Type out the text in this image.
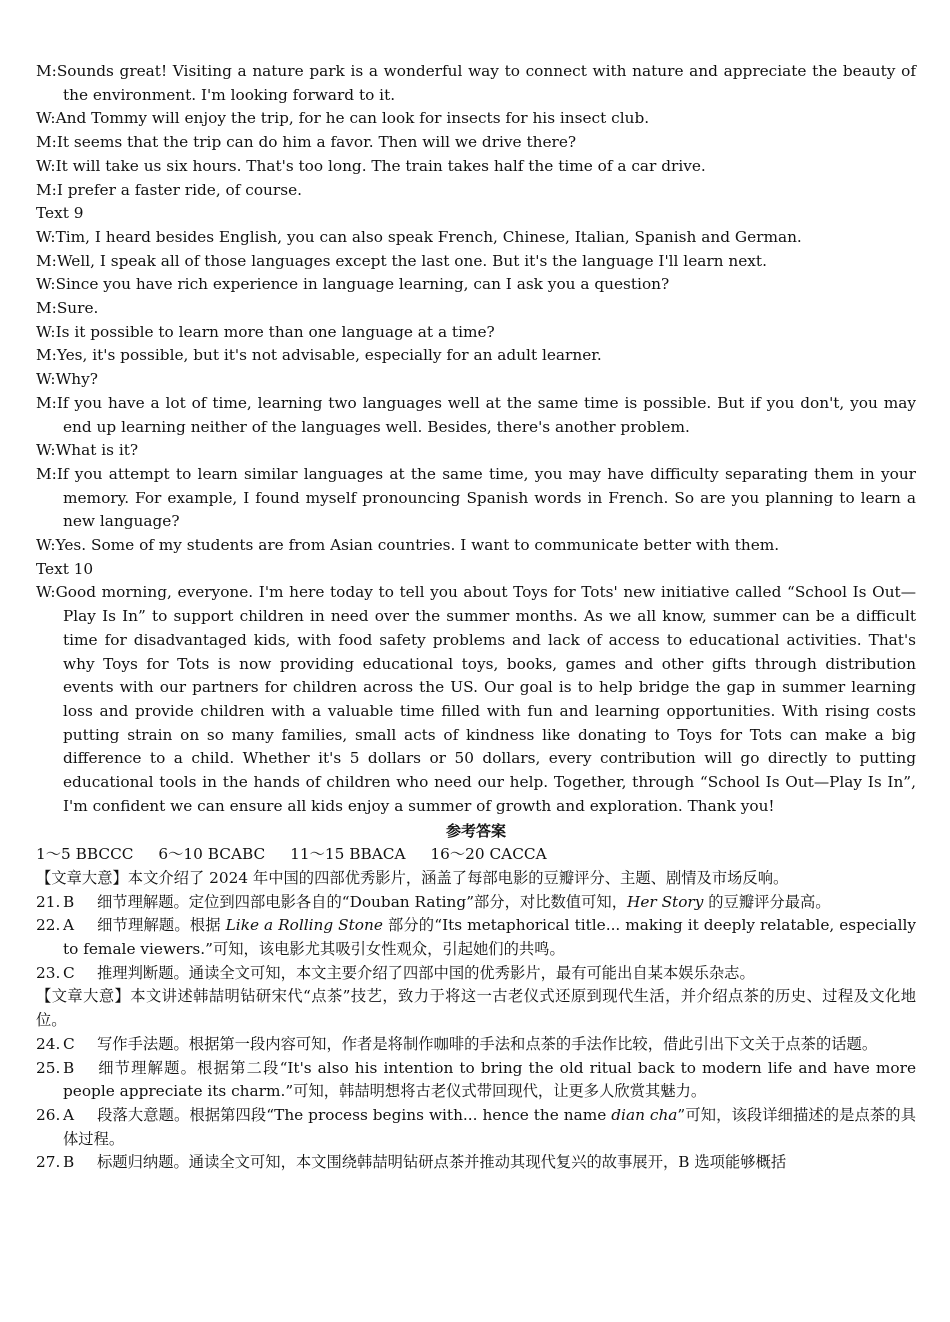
M:Sounds great! Visiting a nature park is a wonderful way to connect with nature and appreciate the beauty of the environment. I'm looking forward to it.

W:And Tommy will enjoy the trip, for he can look for insects for his insect club.

M:It seems that the trip can do him a favor. Then will we drive there?

W:It will take us six hours. That's too long. The train takes half the time of a car drive.

M:I prefer a faster ride, of course.

Text 9

W:Tim, I heard besides English, you can also speak French, Chinese, Italian, Spanish and German.

M:Well, I speak all of those languages except the last one. But it's the language I'll learn next.

W:Since you have rich experience in language learning, can I ask you a question?

M:Sure.

W:Is it possible to learn more than one language at a time?

M:Yes, it's possible, but it's not advisable, especially for an adult learner.

W:Why?

M:If you have a lot of time, learning two languages well at the same time is possible. But if you don't, you may end up learning neither of the languages well. Besides, there's another problem.

W:What is it?

M:If you attempt to learn similar languages at the same time, you may have difficulty separating them in your memory. For example, I found myself pronouncing Spanish words in French. So are you planning to learn a new language?

W:Yes. Some of my students are from Asian countries. I want to communicate better with them.

Text 10

W:Good morning, everyone. I'm here today to tell you about Toys for Tots' new initiative called “School Is Out—Play Is In” to support children in need over the summer months. As we all know, summer can be a difficult time for disadvantaged kids, with food safety problems and lack of access to educational activities. That's why Toys for Tots is now providing educational toys, books, games and other gifts through distribution events with our partners for children across the US. Our goal is to help bridge the gap in summer learning loss and provide children with a valuable time filled with fun and learning opportunities. With rising costs putting strain on so many families, small acts of kindness like donating to Toys for Tots can make a big difference to a child. Whether it's 5 dollars or 50 dollars, every contribution will go directly to putting educational tools in the hands of children who need our help. Together, through “School Is Out—Play Is In”, I'm confident we can ensure all kids enjoy a summer of growth and exploration. Thank you!

参考答案

1～5 BBCCC 6～10 BCABC 11～15 BBACA 16～20 CACCA

【文章大意】本文介绍了 2024 年中国的四部优秀影片，涵盖了每部电影的豆瓣评分、主题、剧情及市场反响。

21. B 细节理解题。定位到四部电影各自的“Douban Rating”部分，对比数值可知，Her Story 的豆瓣评分最高。

22. A 细节理解题。根据 Like a Rolling Stone 部分的“Its metaphorical title... making it deeply relatable, especially to female viewers.”可知，该电影尤其吸引女性观众，引起她们的共鸣。

23. C 推理判断题。通读全文可知，本文主要介绍了四部中国的优秀影片，最有可能出自某本娱乐杂志。

【文章大意】本文讲述韩喆明钻研宋代“点茶”技艺，致力于将这一古老仪式还原到现代生活，并介绍点茶的历史、过程及文化地位。

24. C 写作手法题。根据第一段内容可知，作者是将制作咖啡的手法和点茶的手法作比较，借此引出下文关于点茶的话题。

25. B 细节理解题。根据第二段“It's also his intention to bring the old ritual back to modern life and have more people appreciate its charm.”可知，韩喆明想将古老仪式带回现代，让更多人欣赏其魅力。

26. A 段落大意题。根据第四段“The process begins with... hence the name dian cha”可知，该段详细描述的是点茶的具体过程。

27. B 标题归纳题。通读全文可知，本文围绕韩喆明钻研点茶并推动其现代复兴的故事展开，B 选项能够概括
